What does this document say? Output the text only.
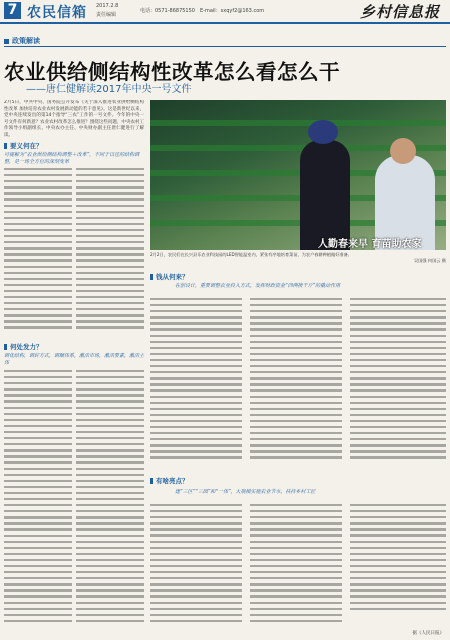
7 农民信箱 2017.2.8
责任编辑
电话：0571-86875150 E-mail：sxqyf2@163.com	乡村信息报
政策解读
农业供给侧结构性改革怎么看怎么干
——唐仁健解读2017年中央一号文件
2月5日，中共中央、国务院公开发布《关于深入推进农业供给侧结构性改革 加快培育农业农村发展新动能的若干意见》。这是新世纪以来，党中央连续发出的第14个指导“三农”工作的一号文件。今年的中央一号文件有何新意？农业农村改革怎么推进？围绕这些问题，中央农村工作领导小组副组长、中央农办主任、中央财办副主任唐仁健进行了解读。
要义何在？
可提解为“农业供给侧结构调整＋改革”，不同于以往的结构调整，是一场全方位的深刻变革
何处发力？
调优结构，调好方式，调顺体系，激活市场，激活要素，激活主体
人勤春来早 育苗助农家
2月2日，农民们在长兴县乐农业科技园的LED智能温室内，紧张有序地培育菜苗，为农户春耕种植做好准备。
吴国强 何国云 摄
钱从何来？
在创设计，重要调整农业投入方式，发挥财政资金“四两拨千斤”的撬动作用
有啥亮点？
建“三区”“三园”和“一体”，大规模实施农业节水，扶持乡村工匠
据《人民日报》
